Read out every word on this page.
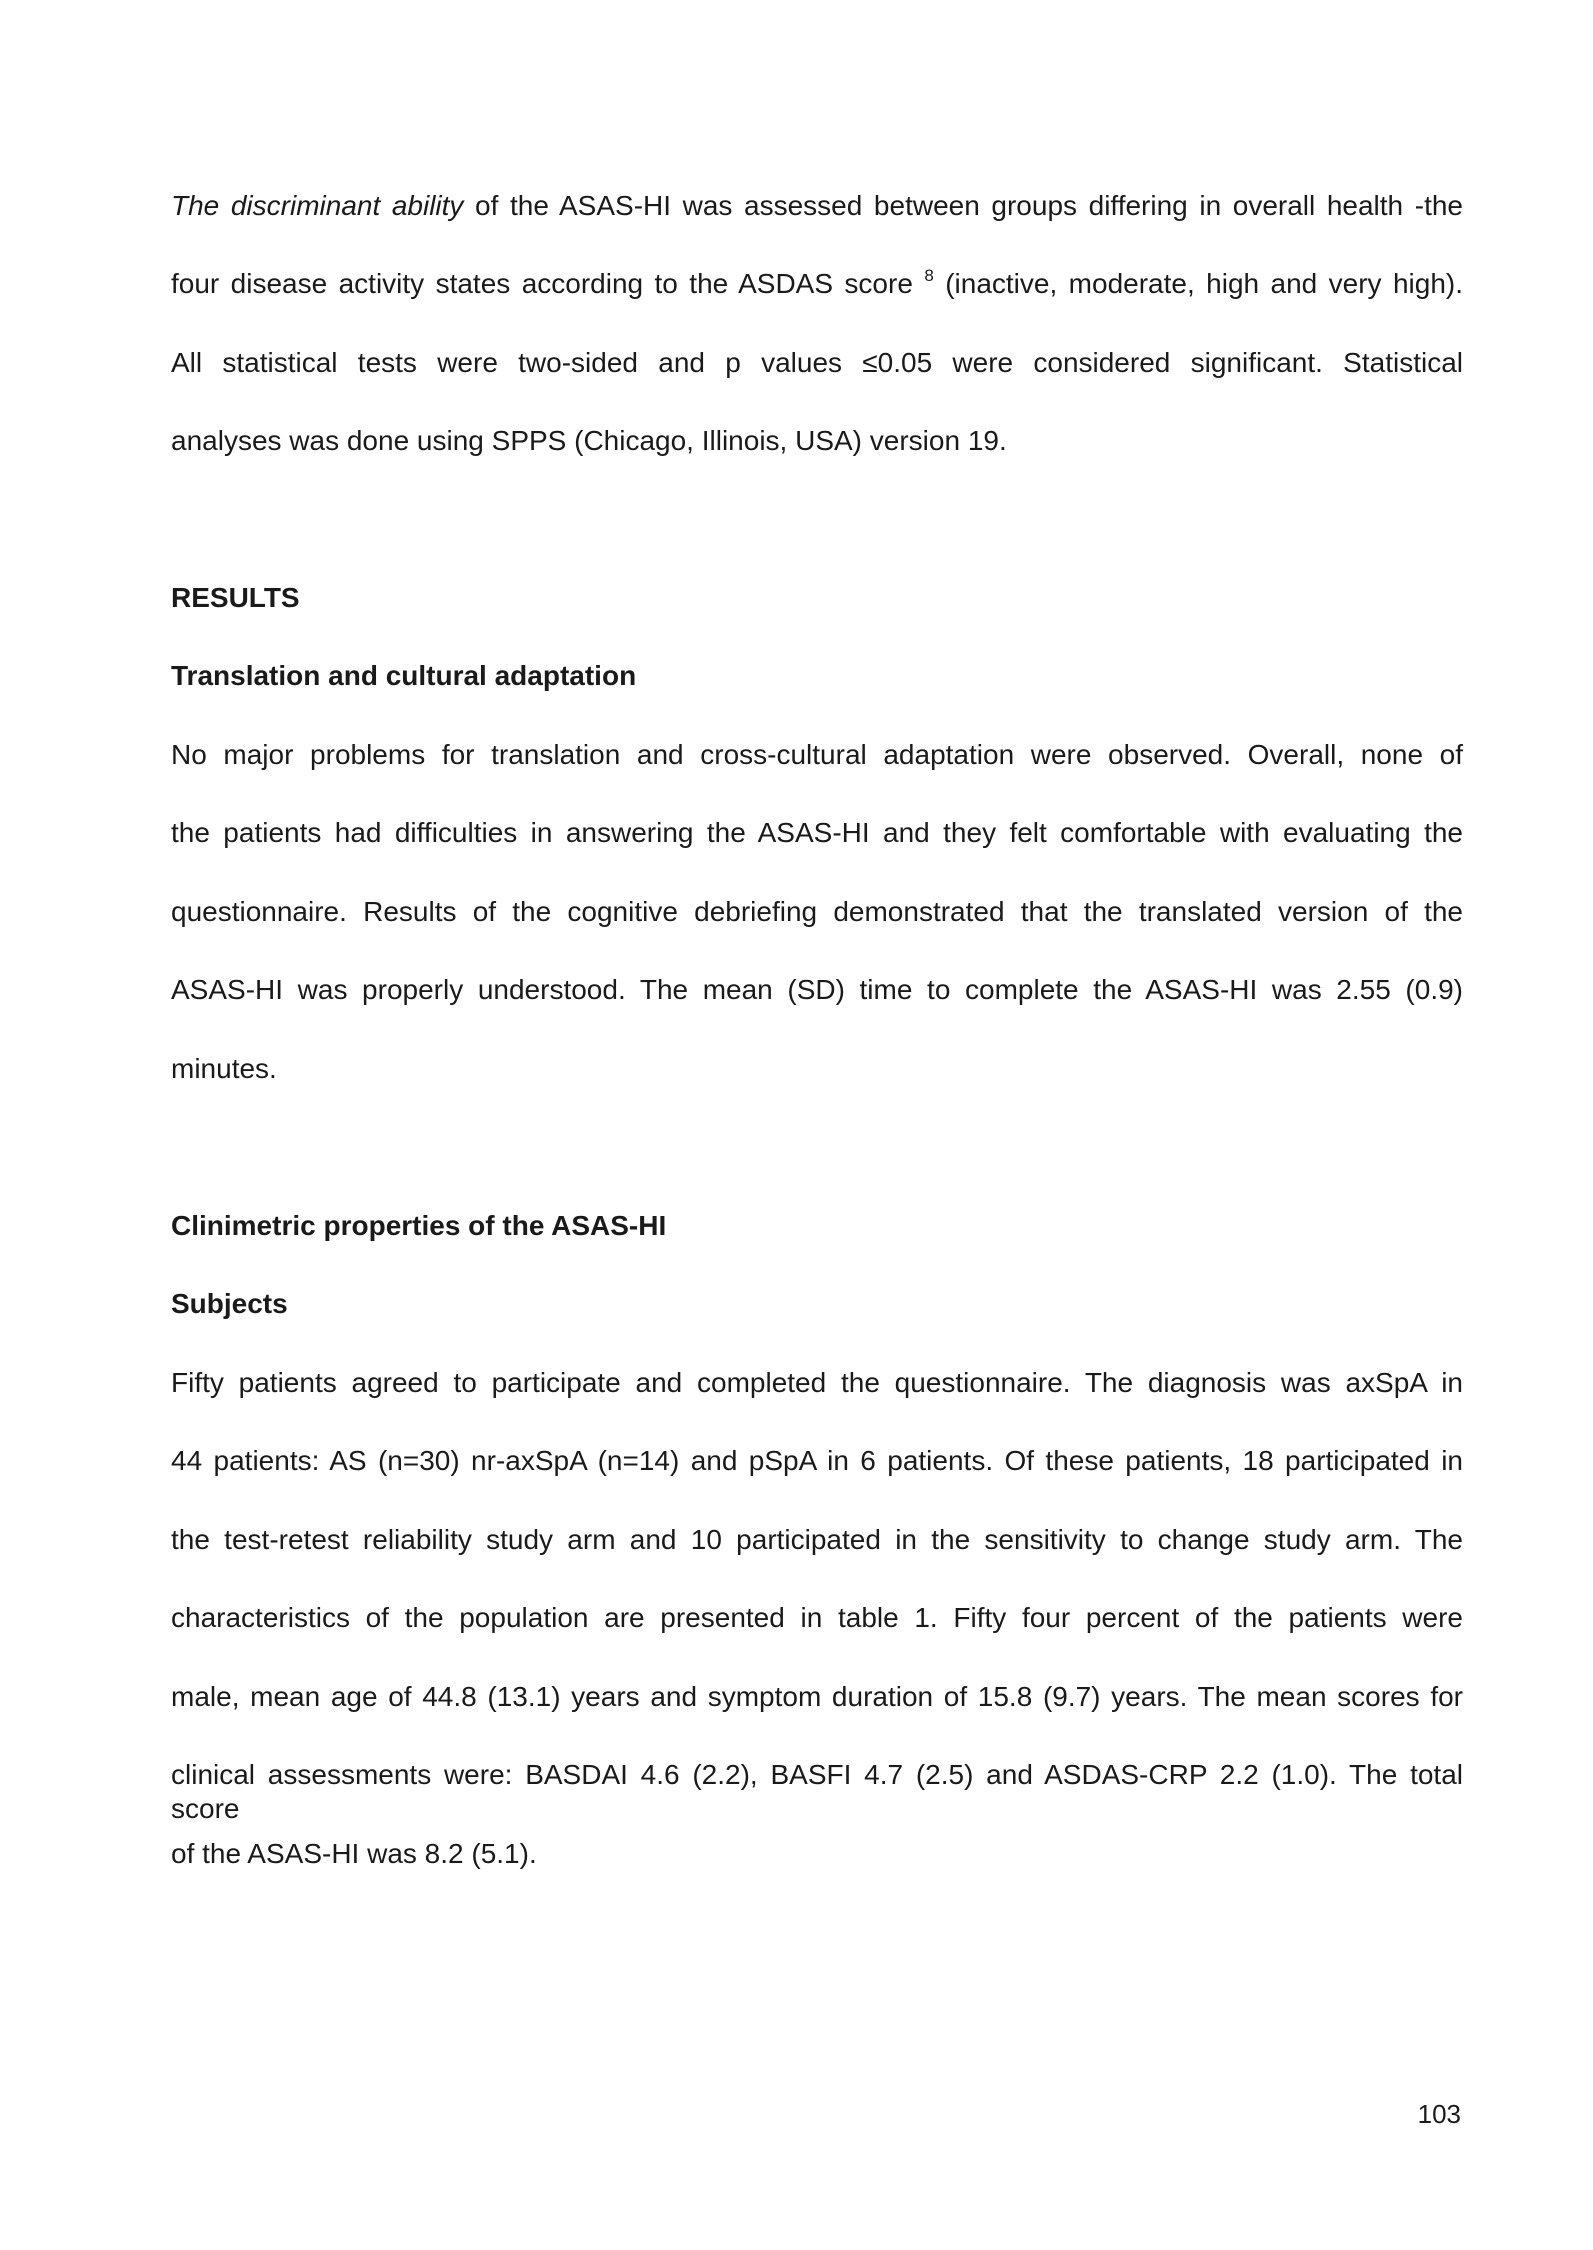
The discriminant ability of the ASAS-HI was assessed between groups differing in overall health -the
four disease activity states according to the ASDAS score $^8$ (inactive, moderate, high and very high).
All statistical tests were two-sided and p values ≤0.05 were considered significant. Statistical
analyses was done using SPPS (Chicago, Illinois, USA) version 19.
RESULTS
Translation and cultural adaptation
No major problems for translation and cross-cultural adaptation were observed. Overall, none of
the patients had difficulties in answering the ASAS-HI and they felt comfortable with evaluating the
questionnaire. Results of the cognitive debriefing demonstrated that the translated version of the
ASAS-HI was properly understood. The mean (SD) time to complete the ASAS-HI was 2.55 (0.9)
minutes.
Clinimetric properties of the ASAS-HI
Subjects
Fifty patients agreed to participate and completed the questionnaire. The diagnosis was axSpA in
44 patients: AS (n=30) nr-axSpA (n=14) and pSpA in 6 patients. Of these patients, 18 participated in
the test-retest reliability study arm and 10 participated in the sensitivity to change study arm. The
characteristics of the population are presented in table 1. Fifty four percent of the patients were
male, mean age of 44.8 (13.1) years and symptom duration of 15.8 (9.7) years. The mean scores for
clinical assessments were: BASDAI 4.6 (2.2), BASFI 4.7 (2.5) and ASDAS-CRP 2.2 (1.0). The total score
of the ASAS-HI was 8.2 (5.1).
103
